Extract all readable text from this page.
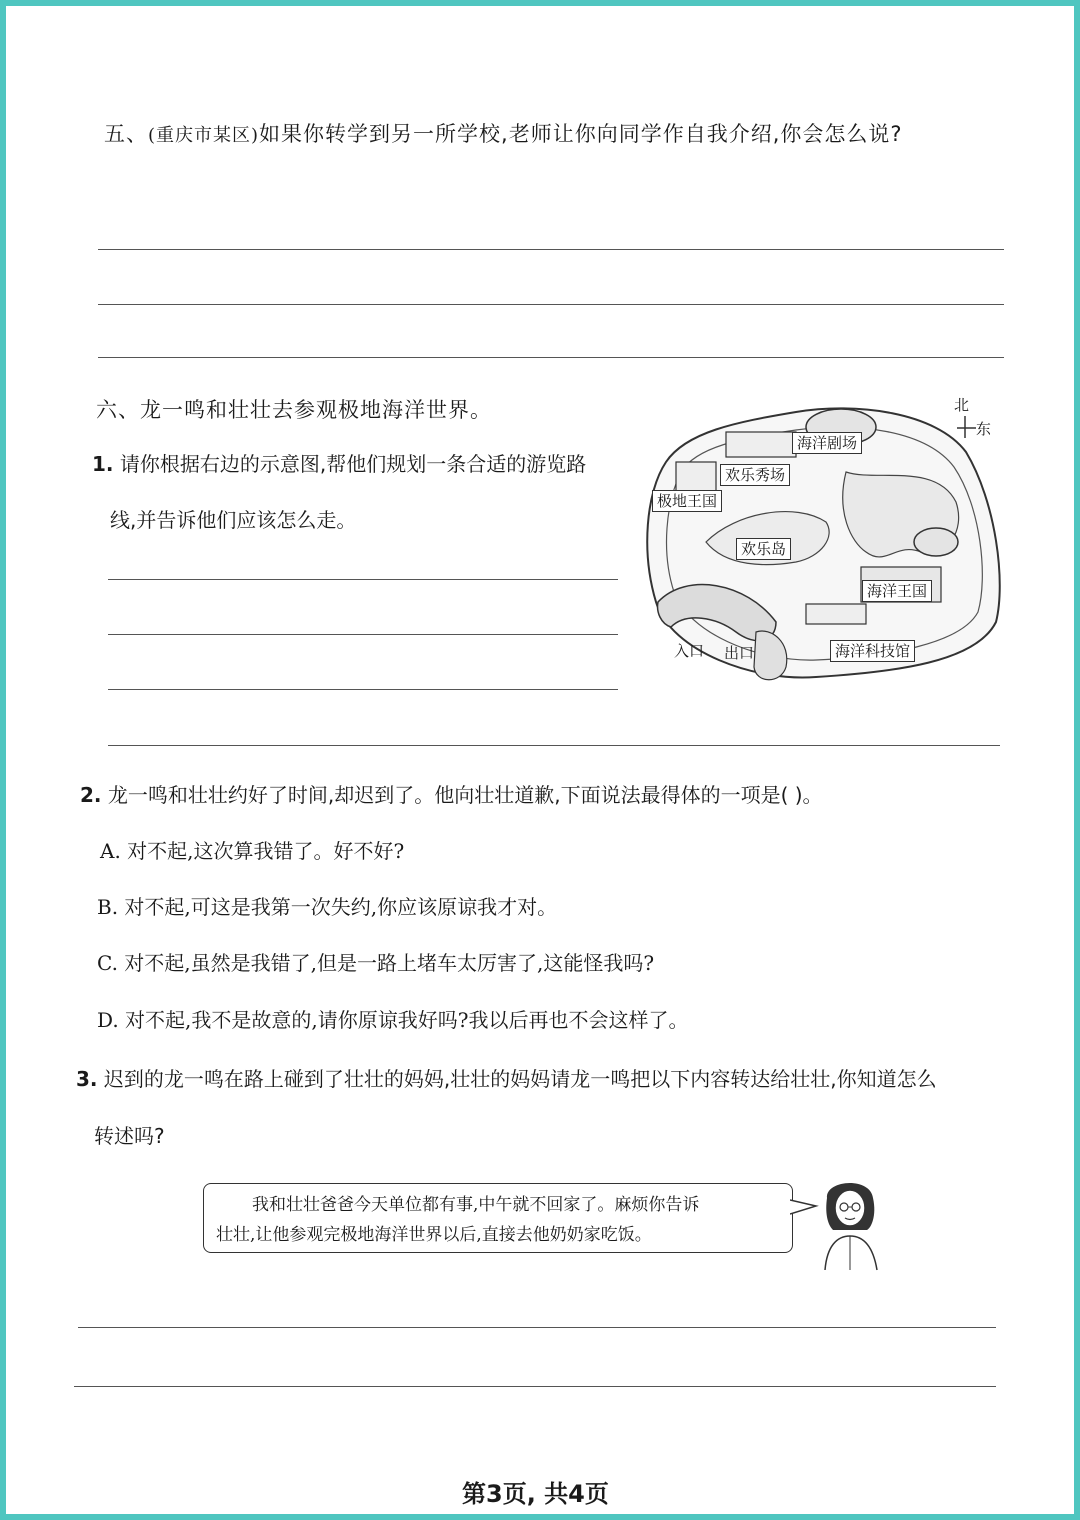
五、(重庆市某区)如果你转学到另一所学校,老师让你向同学作自我介绍,你会怎么说?
六、龙一鸣和壮壮去参观极地海洋世界。
1. 请你根据右边的示意图,帮他们规划一条合适的游览路
线,并告诉他们应该怎么走。
海洋剧场
欢乐秀场
极地王国
欢乐岛
海洋王国
海洋科技馆
入口 出口
北
东
2. 龙一鸣和壮壮约好了时间,却迟到了。他向壮壮道歉,下面说法最得体的一项是( )。
A. 对不起,这次算我错了。好不好?
B. 对不起,可这是我第一次失约,你应该原谅我才对。
C. 对不起,虽然是我错了,但是一路上堵车太厉害了,这能怪我吗?
D. 对不起,我不是故意的,请你原谅我好吗?我以后再也不会这样了。
3. 迟到的龙一鸣在路上碰到了壮壮的妈妈,壮壮的妈妈请龙一鸣把以下内容转达给壮壮,你知道怎么
转述吗?
我和壮壮爸爸今天单位都有事,中午就不回家了。麻烦你告诉
壮壮,让他参观完极地海洋世界以后,直接去他奶奶家吃饭。
第3页, 共4页
